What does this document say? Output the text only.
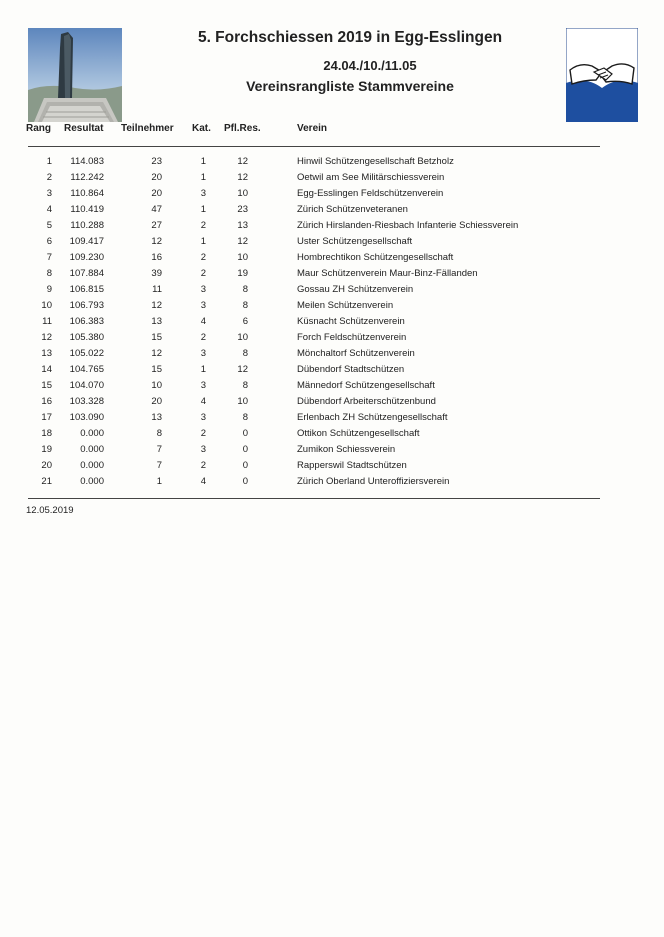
5. Forchschiessen 2019 in Egg-Esslingen
24.04./10./11.05
Vereinsrangliste Stammvereine
Rang Resultat Teilnehmer Kat. Pfl.Res.	Verein
1 114.083	23	1	12	Hinwil Schützengesellschaft Betzholz
2 112.242	20	1	12	Oetwil am See Militärschiessverein
3 110.864	20	3	10	Egg-Esslingen Feldschützenverein
4 110.419	47	1	23	Zürich Schützenveteranen
5 110.288	27	2	13	Zürich Hirslanden-Riesbach Infanterie Schiessverein
6 109.417	12	1	12	Uster Schützengesellschaft
7 109.230	16	2	10	Hombrechtikon Schützengesellschaft
8 107.884	39	2	19	Maur Schützenverein Maur-Binz-Fällanden
9 106.815	11	3	8	Gossau ZH Schützenverein
10 106.793	12	3	8	Meilen Schützenverein
11 106.383	13	4	6	Küsnacht Schützenverein
12 105.380	15	2	10	Forch Feldschützenverein
13 105.022	12	3	8	Mönchaltorf Schützenverein
14 104.765	15	1	12	Dübendorf Stadtschützen
15 104.070	10	3	8	Männedorf Schützengesellschaft
16 103.328	20	4	10	Dübendorf Arbeiterschützenbund
17 103.090	13	3	8	Erlenbach ZH Schützengesellschaft
18	0.000	8	2	0	Ottikon Schützengesellschaft
19	0.000	7	3	0	Zumikon Schiessverein
20	0.000	7	2	0	Rapperswil Stadtschützen
21	0.000	1	4	0	Zürich Oberland Unteroffiziersverein
12.05.2019
